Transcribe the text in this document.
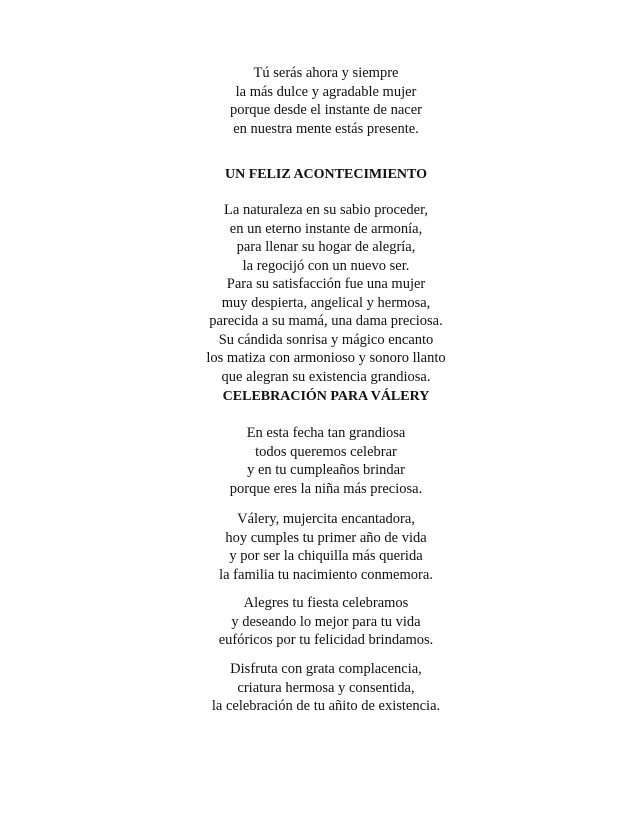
Tú serás ahora y siempre
la más dulce y agradable mujer
porque desde el instante de nacer
en nuestra mente estás presente.
UN FELIZ ACONTECIMIENTO
La naturaleza en su sabio proceder,
en un eterno instante de armonía,
para llenar su hogar de alegría,
la regocijó con un nuevo ser.
Para su satisfacción fue una mujer
muy despierta, angelical y hermosa,
parecida a su mamá, una dama preciosa.
Su cándida sonrisa y mágico encanto
los matiza con armonioso y sonoro llanto
que alegran su existencia grandiosa.
CELEBRACIÓN PARA VÁLERY
En esta fecha tan grandiosa
todos queremos celebrar
y en tu cumpleaños brindar
porque eres la niña más preciosa.
Válery, mujercita encantadora,
hoy cumples tu primer año de vida
y por ser la chiquilla más querida
la familia tu nacimiento conmemora.
Alegres tu fiesta celebramos
y deseando lo mejor para tu vida
eufóricos por tu felicidad brindamos.
Disfruta con grata complacencia,
criatura hermosa y consentida,
la celebración de tu añito de existencia.
